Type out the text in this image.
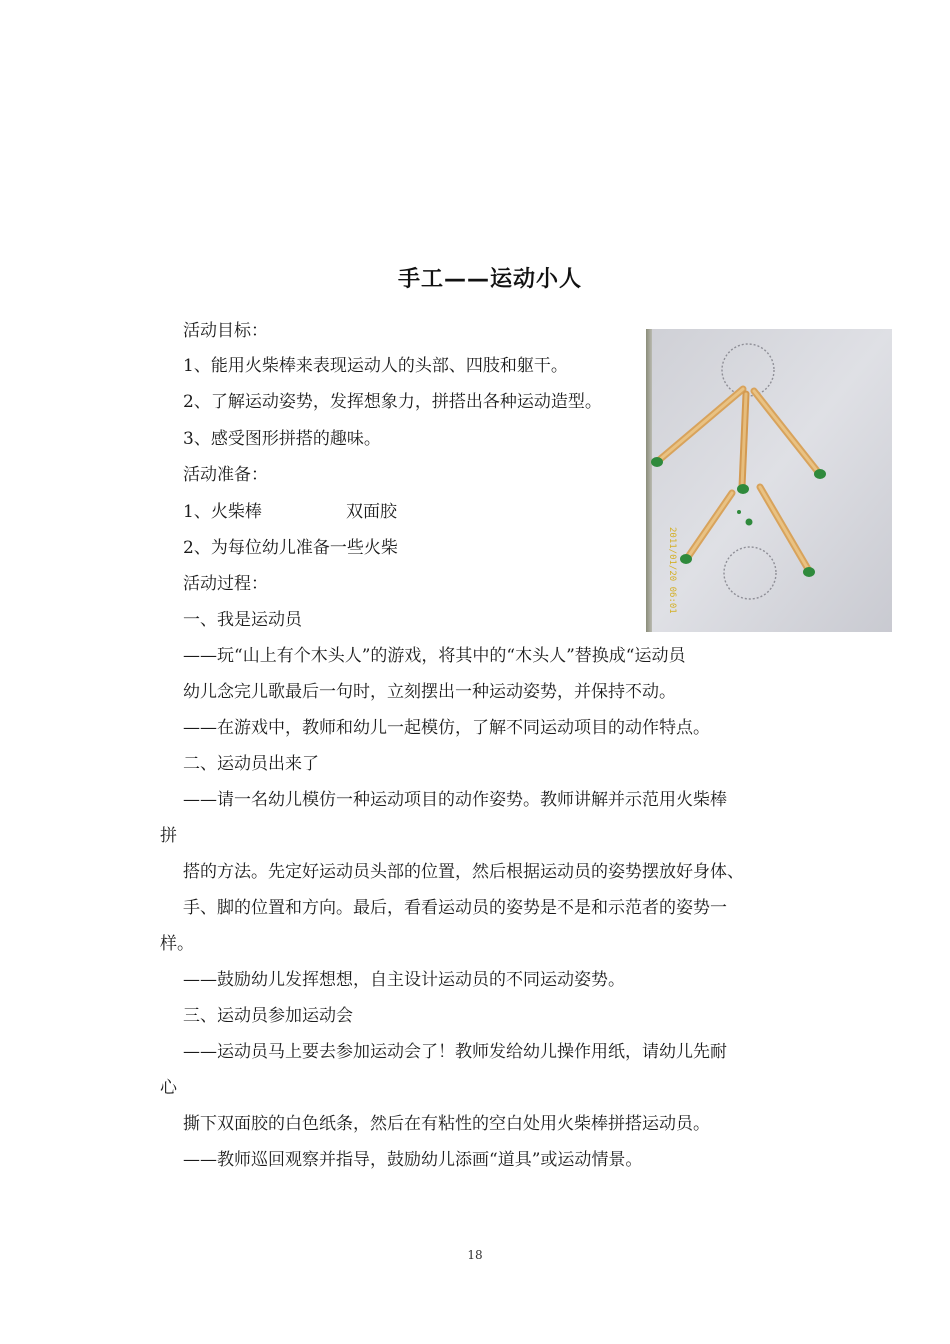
手工——运动小人
活动目标：
1、能用火柴棒来表现运动人的头部、四肢和躯干。
2、了解运动姿势，发挥想象力，拼搭出各种运动造型。
3、感受图形拼搭的趣味。
活动准备：
1、火柴棒	双面胶
2、为每位幼儿准备一些火柴
活动过程：
一、我是运动员
——玩“山上有个木头人”的游戏，将其中的“木头人”替换成“运动员
幼儿念完儿歌最后一句时，立刻摆出一种运动姿势，并保持不动。
——在游戏中，教师和幼儿一起模仿，了解不同运动项目的动作特点。
二、运动员出来了
——请一名幼儿模仿一种运动项目的动作姿势。教师讲解并示范用火柴棒
拼
搭的方法。先定好运动员头部的位置，然后根据运动员的姿势摆放好身体、
手、脚的位置和方向。最后，看看运动员的姿势是不是和示范者的姿势一
样。
——鼓励幼儿发挥想想，自主设计运动员的不同运动姿势。
三、运动员参加运动会
——运动员马上要去参加运动会了！教师发给幼儿操作用纸，请幼儿先耐
心
撕下双面胶的白色纸条，然后在有粘性的空白处用火柴棒拼搭运动员。
——教师巡回观察并指导，鼓励幼儿添画“道具”或运动情景。
2011/01/20 06:01
18
